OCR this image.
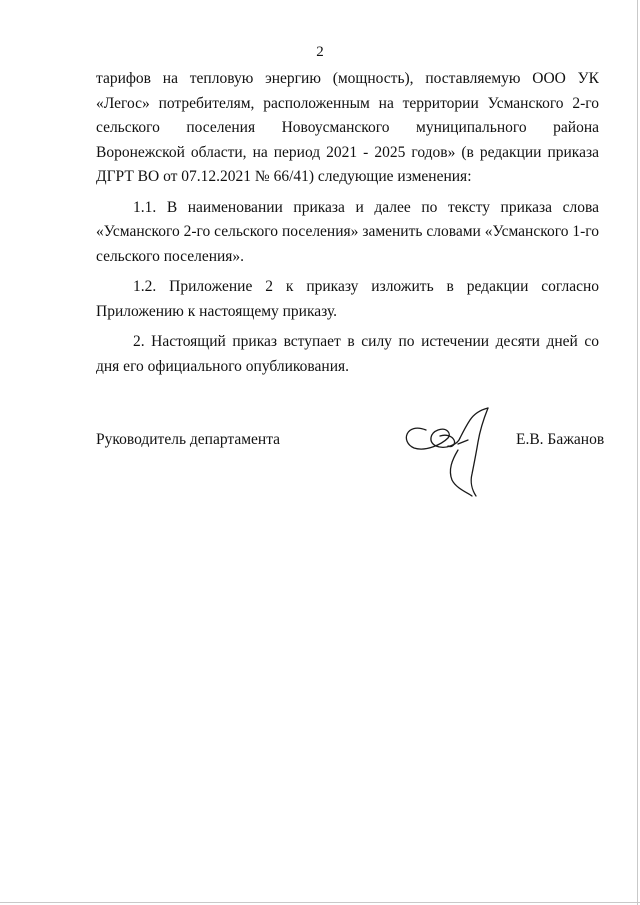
2

тарифов на тепловую энергию (мощность), поставляемую ООО УК «Легос» потребителям, расположенным на территории Усманского 2-го сельского поселения Новоусманского муниципального района Воронежской области, на период 2021 - 2025 годов» (в редакции приказа ДГРТ ВО от 07.12.2021 № 66/41) следующие изменения:

1.1. В наименовании приказа и далее по тексту приказа слова «Усманского 2-го сельского поселения» заменить словами «Усманского 1-го сельского поселения».

1.2. Приложение 2 к приказу изложить в редакции согласно Приложению к настоящему приказу.

2. Настоящий приказ вступает в силу по истечении десяти дней со дня его официального опубликования.

Руководитель департамента	Е.В. Бажанов
